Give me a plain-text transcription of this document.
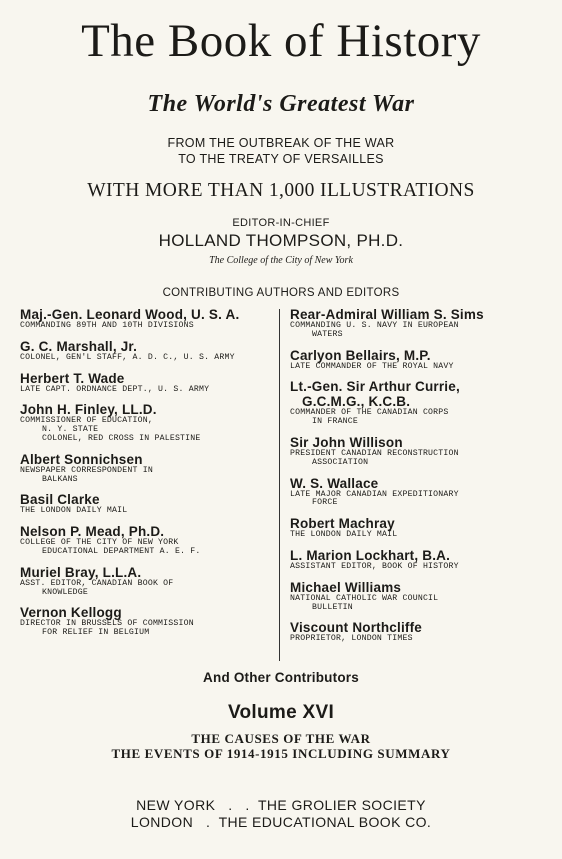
The Book of History
The World's Greatest War
FROM THE OUTBREAK OF THE WAR
TO THE TREATY OF VERSAILLES
WITH MORE THAN 1,000 ILLUSTRATIONS
EDITOR-IN-CHIEF
HOLLAND THOMPSON, PH.D.
The College of the City of New York
CONTRIBUTING AUTHORS AND EDITORS
Maj.-Gen. Leonard Wood, U. S. A.
COMMANDING 89TH AND 10TH DIVISIONS
G. C. Marshall, Jr.
COLONEL, GEN'L STAFF, A. D. C., U. S. ARMY
Herbert T. Wade
LATE CAPT. ORDNANCE DEPT., U. S. ARMY
John H. Finley, LL.D.
COMMISSIONER OF EDUCATION,
N. Y. STATE
COLONEL, RED CROSS IN PALESTINE
Albert Sonnichsen
NEWSPAPER CORRESPONDENT IN
BALKANS
Basil Clarke
THE LONDON DAILY MAIL
Nelson P. Mead, Ph.D.
COLLEGE OF THE CITY OF NEW YORK
EDUCATIONAL DEPARTMENT A. E. F.
Muriel Bray, L.L.A.
ASST. EDITOR, CANADIAN BOOK OF
KNOWLEDGE
Vernon Kellogg
DIRECTOR IN BRUSSELS OF COMMISSION
FOR RELIEF IN BELGIUM
Rear-Admiral William S. Sims
COMMANDING U. S. NAVY IN EUROPEAN
WATERS
Carlyon Bellairs, M.P.
LATE COMMANDER OF THE ROYAL NAVY
Lt.-Gen. Sir Arthur Currie,
G.C.M.G., K.C.B.
COMMANDER OF THE CANADIAN CORPS
IN FRANCE
Sir John Willison
PRESIDENT CANADIAN RECONSTRUCTION
ASSOCIATION
W. S. Wallace
LATE MAJOR CANADIAN EXPEDITIONARY
FORCE
Robert Machray
THE LONDON DAILY MAIL
L. Marion Lockhart, B.A.
ASSISTANT EDITOR, BOOK OF HISTORY
Michael Williams
NATIONAL CATHOLIC WAR COUNCIL
BULLETIN
Viscount Northcliffe
PROPRIETOR, LONDON TIMES
And Other Contributors
Volume XVI
THE CAUSES OF THE WAR
THE EVENTS OF 1914-1915 INCLUDING SUMMARY
NEW YORK   .   .  THE GROLIER SOCIETY
LONDON   .  THE EDUCATIONAL BOOK CO.
